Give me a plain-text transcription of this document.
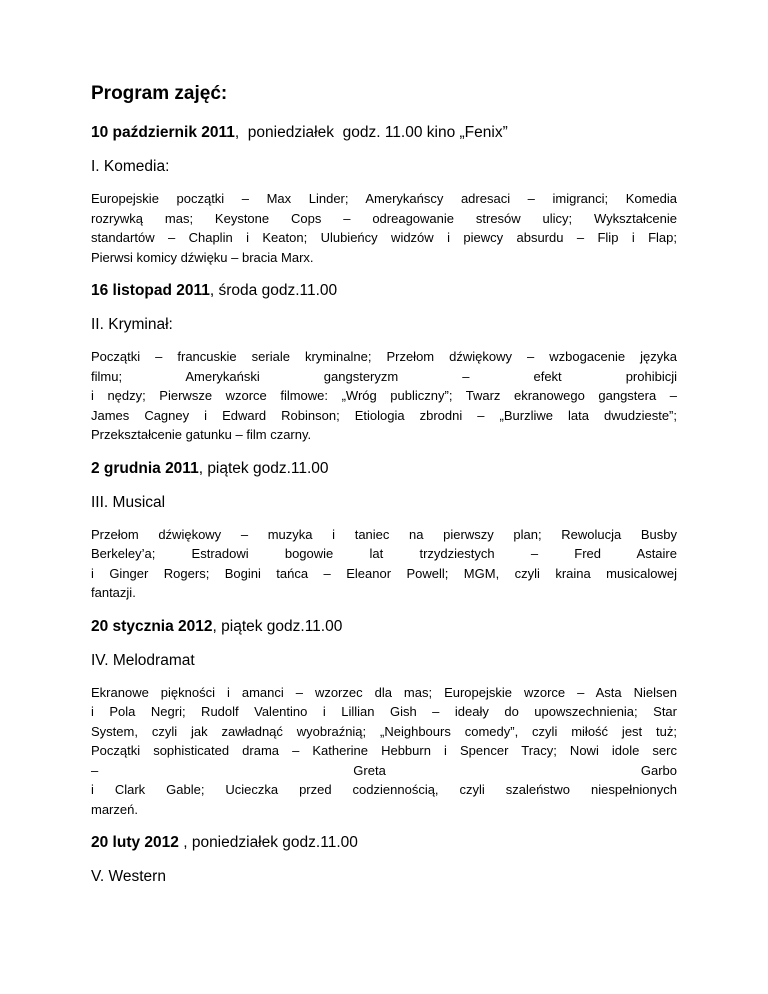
Program zajęć:
10 październik 2011,  poniedziałek  godz. 11.00 kino „Fenix”
I. Komedia:
Europejskie początki – Max Linder; Amerykańscy adresaci – imigranci; Komedia
rozrywką mas; Keystone Cops – odreagowanie stresów ulicy; Wykształcenie
standartów – Chaplin i Keaton; Ulubieńcy widzów i piewcy absurdu – Flip i Flap;
Pierwsi komicy dźwięku – bracia Marx.
16 listopad 2011, środa godz.11.00
II. Kryminał:
Początki – francuskie seriale kryminalne; Przełom dźwiękowy – wzbogacenie języka
filmu; Amerykański gangsteryzm – efekt prohibicji
i nędzy; Pierwsze wzorce filmowe: „Wróg publiczny”; Twarz ekranowego gangstera –
James Cagney i Edward Robinson; Etiologia zbrodni – „Burzliwe lata dwudzieste”;
Przekształcenie gatunku – film czarny.
2 grudnia 2011, piątek godz.11.00
III. Musical
Przełom dźwiękowy – muzyka i taniec na pierwszy plan; Rewolucja Busby
Berkeley’a; Estradowi bogowie lat trzydziestych – Fred Astaire
i Ginger Rogers; Bogini tańca – Eleanor Powell; MGM, czyli kraina musicalowej
fantazji.
20 stycznia 2012, piątek godz.11.00
IV. Melodramat
Ekranowe piękności i amanci – wzorzec dla mas; Europejskie wzorce – Asta Nielsen
i Pola Negri; Rudolf Valentino i Lillian Gish – ideały do upowszechnienia; Star
System, czyli jak zawładnąć wyobraźnią; „Neighbours comedy”, czyli miłość jest tuż;
Początki sophisticated drama – Katherine Hebburn i Spencer Tracy; Nowi idole serc
– Greta Garbo
i Clark Gable; Ucieczka przed codziennością, czyli szaleństwo niespełnionych
marzeń.
20 luty 2012 , poniedziałek godz.11.00
V. Western
